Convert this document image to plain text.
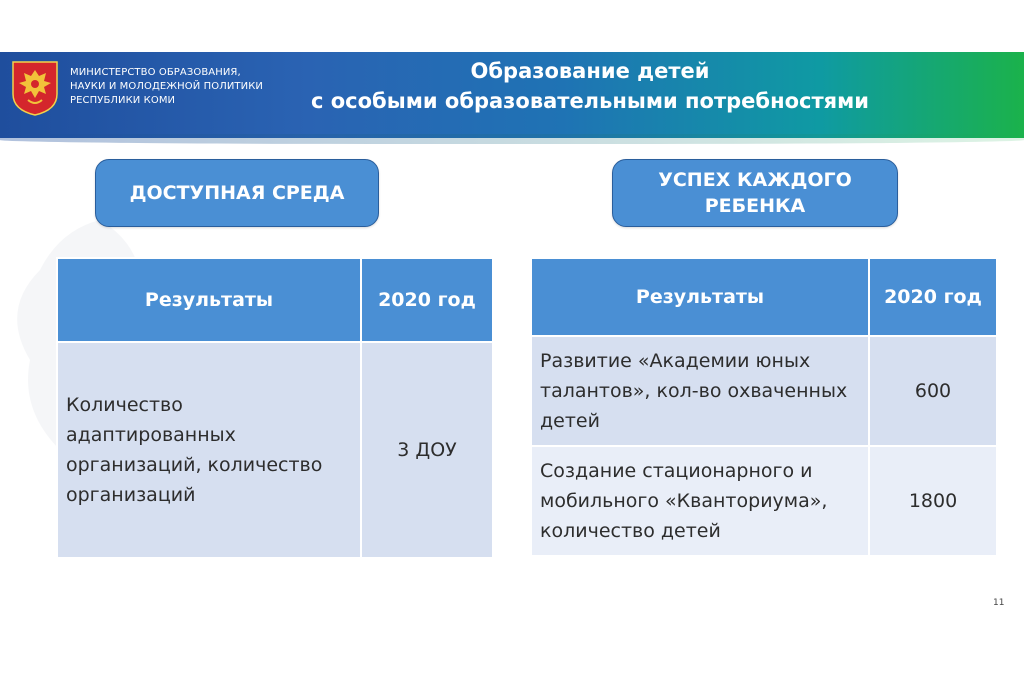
МИНИСТЕРСТВО ОБРАЗОВАНИЯ,
НАУКИ И МОЛОДЕЖНОЙ ПОЛИТИКИ
РЕСПУБЛИКИ КОМИ
Образование детей
с особыми образовательными потребностями
ДОСТУПНАЯ СРЕДА
УСПЕХ КАЖДОГО
РЕБЕНКА
Результаты	2020 год
Количество адаптированных организаций, количество организаций	3 ДОУ
Результаты	2020 год
Развитие «Академии юных талантов», кол-во охваченных детей	600
Создание стационарного и мобильного «Кванториума», количество детей	1800
11
